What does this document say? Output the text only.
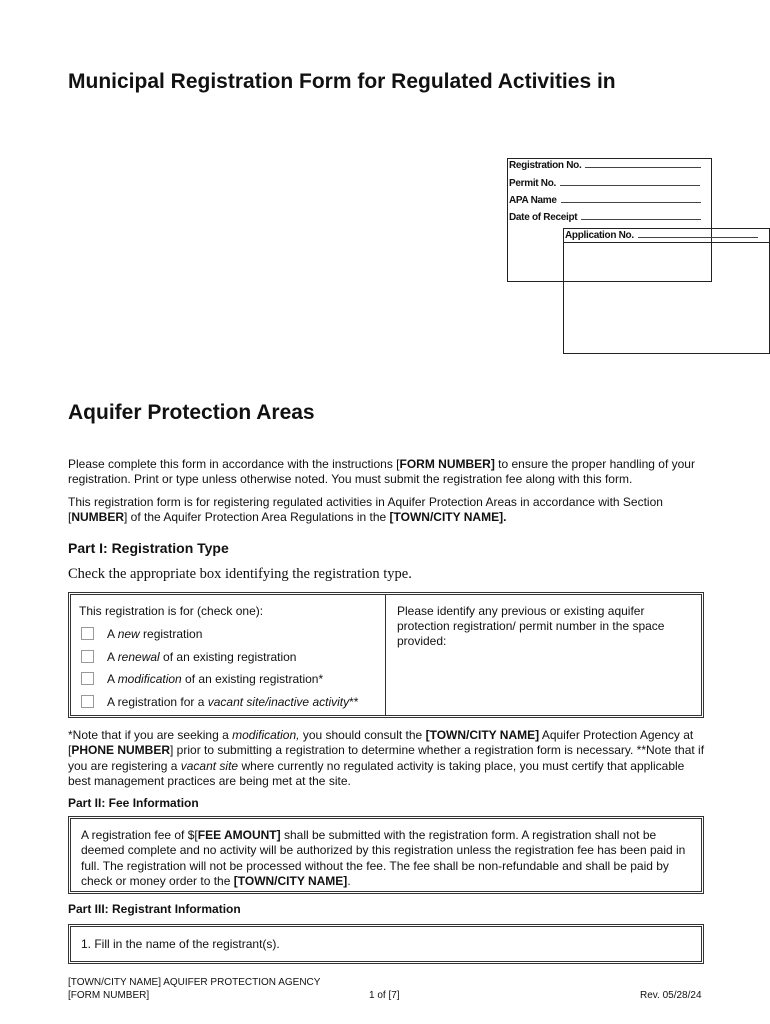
Municipal Registration Form for Regulated Activities in
Registration No.
Permit No.
APA Name
Date of Receipt
Application No.
Aquifer Protection Areas

Please complete this form in accordance with the instructions [FORM NUMBER] to ensure the proper handling of your registration. Print or type unless otherwise noted. You must submit the registration fee along with this form.

This registration form is for registering regulated activities in Aquifer Protection Areas in accordance with Section [NUMBER] of the Aquifer Protection Area Regulations in the [TOWN/CITY NAME].

Part I: Registration Type
Check the appropriate box identifying the registration type.
This registration is for (check one):
A new registration
A renewal of an existing registration
A modification of an existing registration*
A registration for a vacant site/inactive activity**
Please identify any previous or existing aquifer protection registration/ permit number in the space provided:

*Note that if you are seeking a modification, you should consult the [TOWN/CITY NAME] Aquifer Protection Agency at [PHONE NUMBER] prior to submitting a registration to determine whether a registration form is necessary. **Note that if you are registering a vacant site where currently no regulated activity is taking place, you must certify that applicable best management practices are being met at the site.

Part II: Fee Information

A registration fee of $[FEE AMOUNT] shall be submitted with the registration form. A registration shall not be deemed complete and no activity will be authorized by this registration unless the registration fee has been paid in full. The registration will not be processed without the fee. The fee shall be non-refundable and shall be paid by check or money order to the [TOWN/CITY NAME].

Part III: Registrant Information
1. Fill in the name of the registrant(s).
[TOWN/CITY NAME] AQUIFER PROTECTION AGENCY
[FORM NUMBER]	1 of [7]	Rev. 05/28/24
